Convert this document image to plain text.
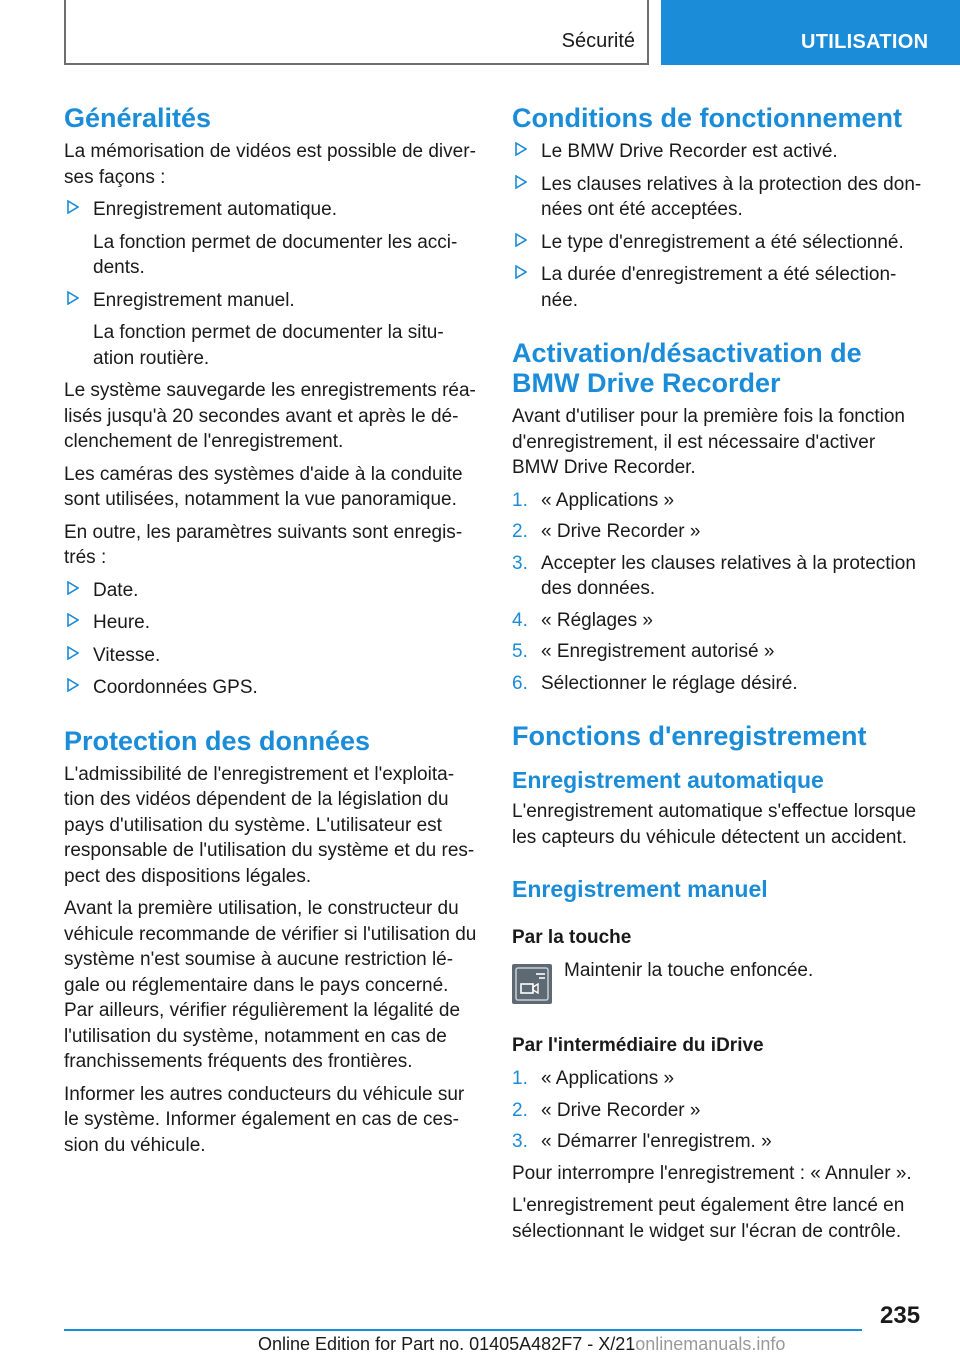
Sécurité	UTILISATION
Généralités

La mémorisation de vidéos est possible de diverses façons :

Enregistrement automatique.
La fonction permet de documenter les accidents.
Enregistrement manuel.
La fonction permet de documenter la situation routière.

Le système sauvegarde les enregistrements réalisés jusqu'à 20 secondes avant et après le déclenchement de l'enregistrement.

Les caméras des systèmes d'aide à la conduite sont utilisées, notamment la vue panoramique.

En outre, les paramètres suivants sont enregistrés :

Date.
Heure.
Vitesse.
Coordonnées GPS.
Protection des données

L'admissibilité de l'enregistrement et l'exploitation des vidéos dépendent de la législation du pays d'utilisation du système. L'utilisateur est responsable de l'utilisation du système et du respect des dispositions légales.

Avant la première utilisation, le constructeur du véhicule recommande de vérifier si l'utilisation du système n'est soumise à aucune restriction légale ou réglementaire dans le pays concerné.

Par ailleurs, vérifier régulièrement la légalité de l'utilisation du système, notamment en cas de franchissements fréquents des frontières.

Informer les autres conducteurs du véhicule sur le système. Informer également en cas de cession du véhicule.

Conditions de fonctionnement
Le BMW Drive Recorder est activé.
Les clauses relatives à la protection des données ont été acceptées.
Le type d'enregistrement a été sélectionné.
La durée d'enregistrement a été sélectionnée.
Activation/désactivation de
BMW Drive Recorder

Avant d'utiliser pour la première fois la fonction d'enregistrement, il est nécessaire d'activer BMW Drive Recorder.

1. « Applications »
2. « Drive Recorder »
3. Accepter les clauses relatives à la protection des données.
4. « Réglages »
5. « Enregistrement autorisé »
6. Sélectionner le réglage désiré.
Fonctions d'enregistrement
Enregistrement automatique

L'enregistrement automatique s'effectue lorsque les capteurs du véhicule détectent un accident.

Enregistrement manuel
Par la touche
Maintenir la touche enfoncée.
Par l'intermédiaire du iDrive
1. « Applications »
2. « Drive Recorder »
3. « Démarrer l'enregistrem. »

Pour interrompre l'enregistrement : « Annuler ».

L'enregistrement peut également être lancé en sélectionnant le widget sur l'écran de contrôle.

235
Online Edition for Part no. 01405A482F7 - X/21onlinemanuals.info
